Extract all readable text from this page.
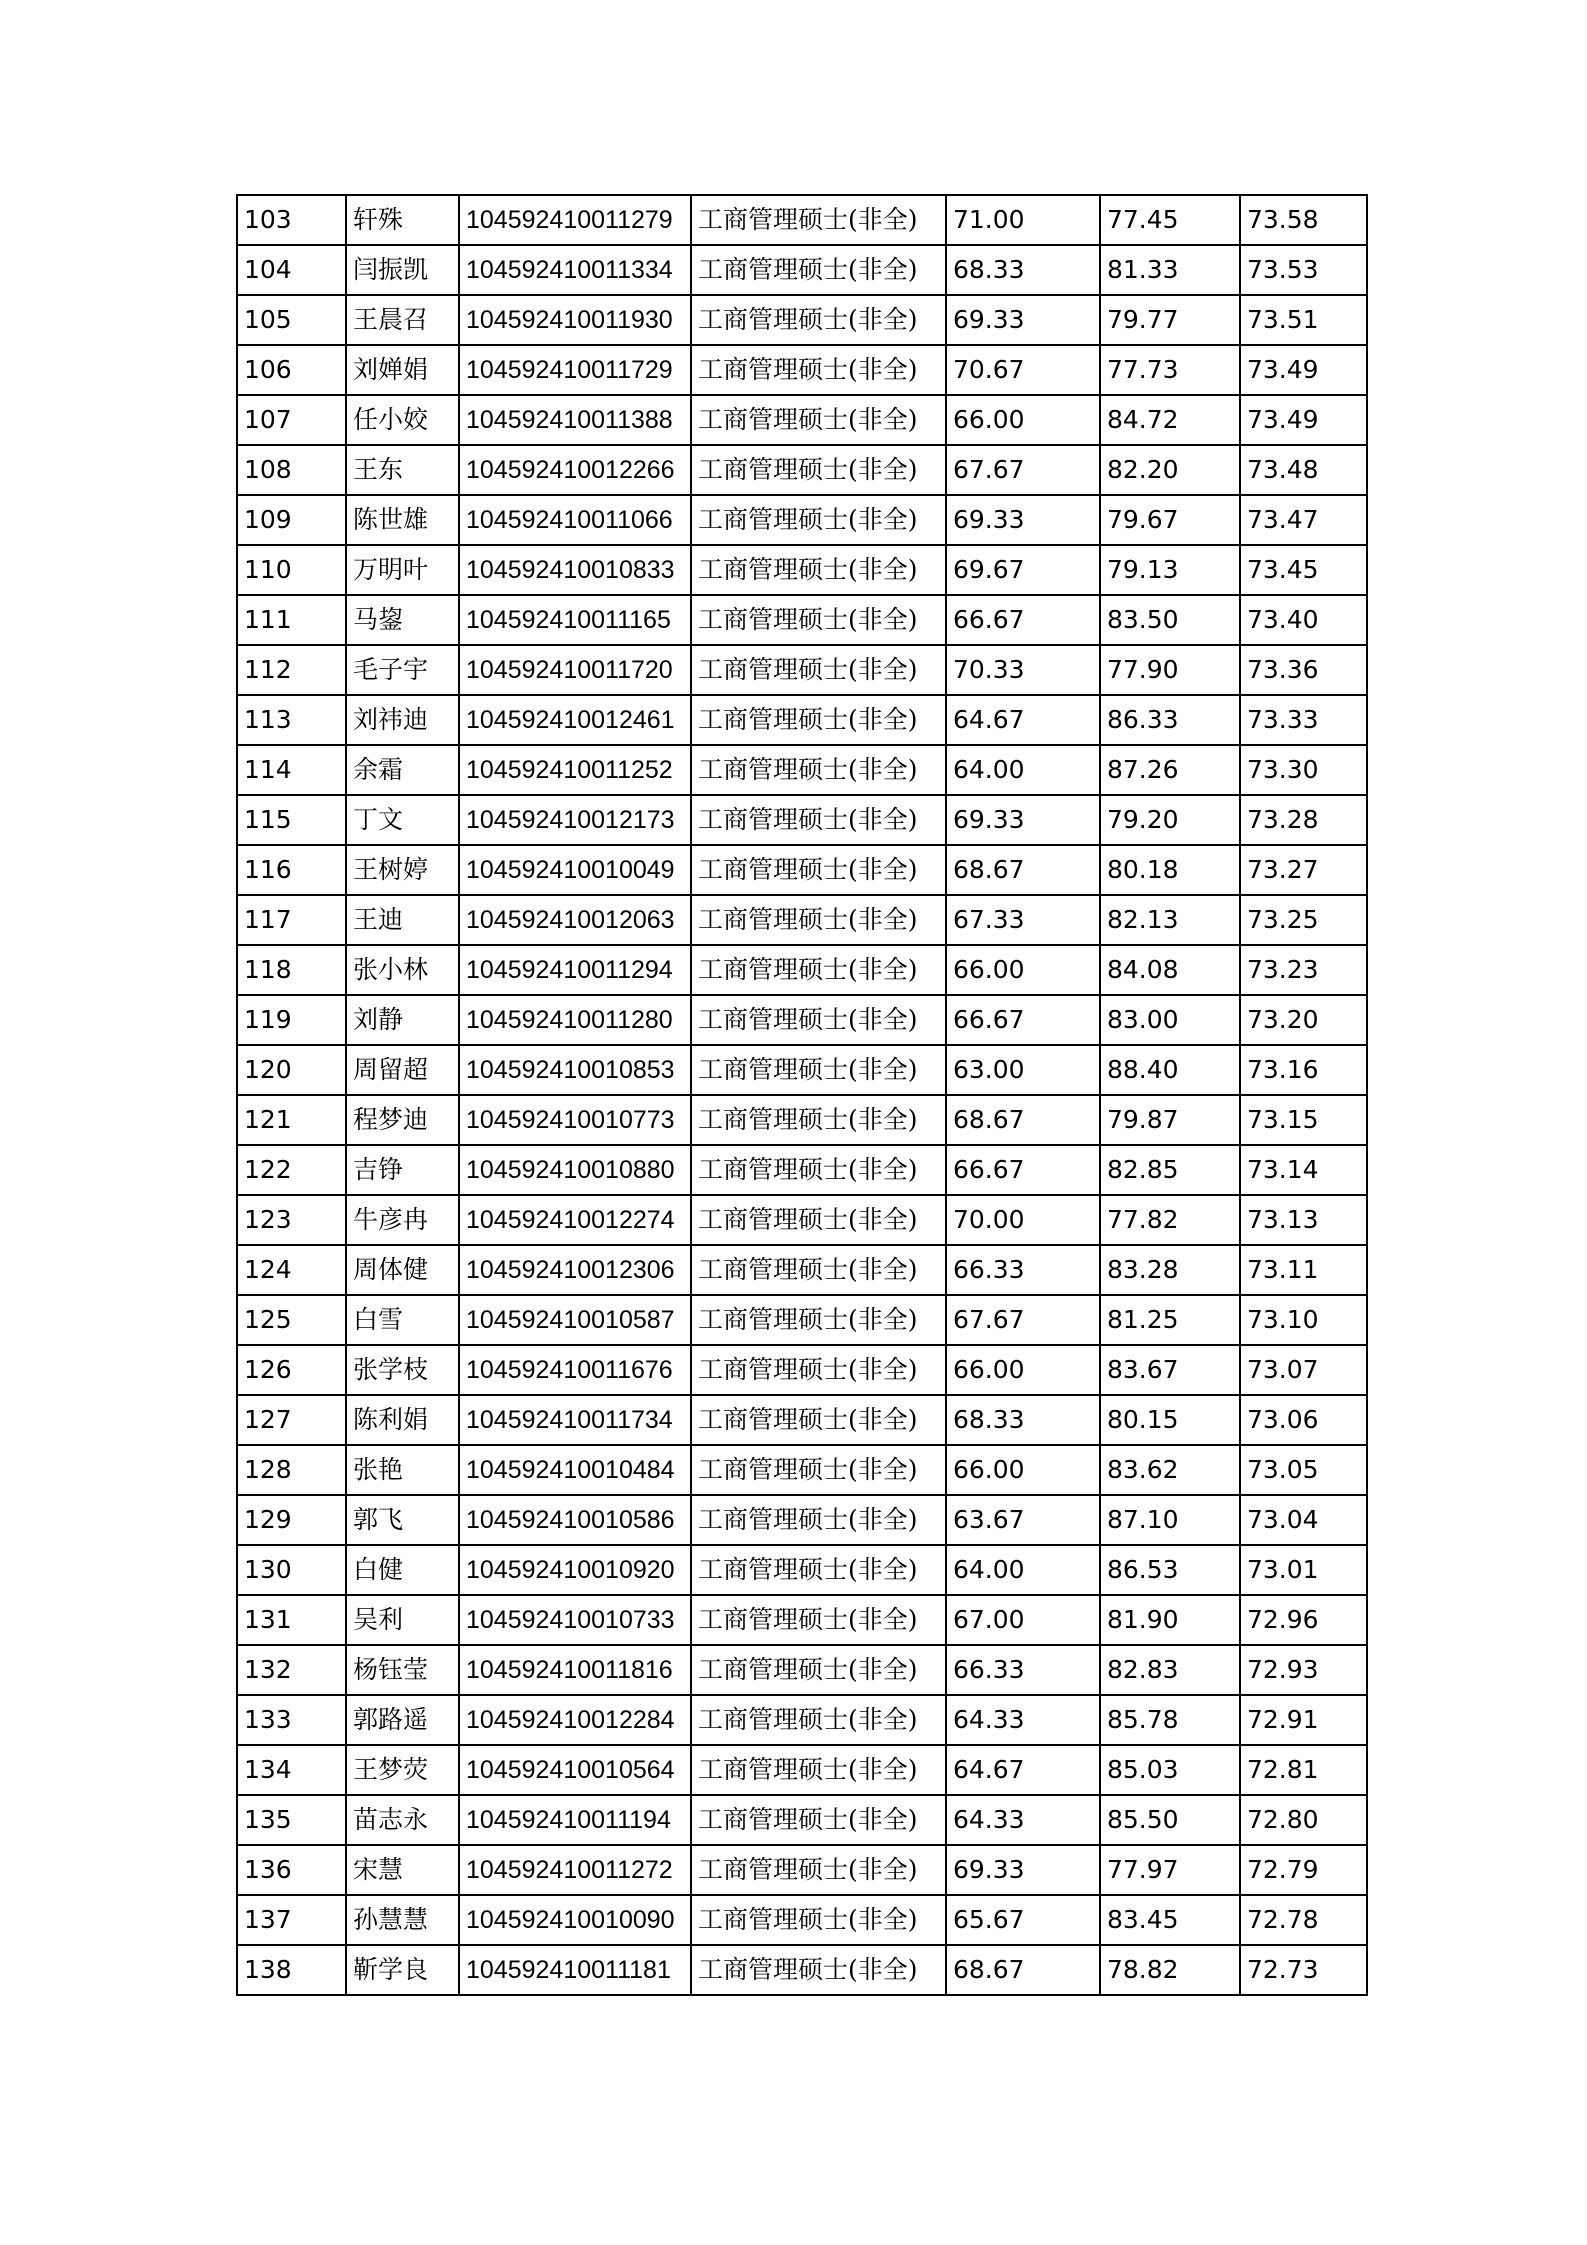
103	轩殊	104592410011279	工商管理硕士(非全)	71.00	77.45	73.58
104	闫振凯	104592410011334	工商管理硕士(非全)	68.33	81.33	73.53
105	王晨召	104592410011930	工商管理硕士(非全)	69.33	79.77	73.51
106	刘婵娟	104592410011729	工商管理硕士(非全)	70.67	77.73	73.49
107	任小姣	104592410011388	工商管理硕士(非全)	66.00	84.72	73.49
108	王东	104592410012266	工商管理硕士(非全)	67.67	82.20	73.48
109	陈世雄	104592410011066	工商管理硕士(非全)	69.33	79.67	73.47
110	万明叶	104592410010833	工商管理硕士(非全)	69.67	79.13	73.45
111	马鋆	104592410011165	工商管理硕士(非全)	66.67	83.50	73.40
112	毛子宇	104592410011720	工商管理硕士(非全)	70.33	77.90	73.36
113	刘祎迪	104592410012461	工商管理硕士(非全)	64.67	86.33	73.33
114	余霜	104592410011252	工商管理硕士(非全)	64.00	87.26	73.30
115	丁文	104592410012173	工商管理硕士(非全)	69.33	79.20	73.28
116	王树婷	104592410010049	工商管理硕士(非全)	68.67	80.18	73.27
117	王迪	104592410012063	工商管理硕士(非全)	67.33	82.13	73.25
118	张小林	104592410011294	工商管理硕士(非全)	66.00	84.08	73.23
119	刘静	104592410011280	工商管理硕士(非全)	66.67	83.00	73.20
120	周留超	104592410010853	工商管理硕士(非全)	63.00	88.40	73.16
121	程梦迪	104592410010773	工商管理硕士(非全)	68.67	79.87	73.15
122	吉铮	104592410010880	工商管理硕士(非全)	66.67	82.85	73.14
123	牛彦冉	104592410012274	工商管理硕士(非全)	70.00	77.82	73.13
124	周体健	104592410012306	工商管理硕士(非全)	66.33	83.28	73.11
125	白雪	104592410010587	工商管理硕士(非全)	67.67	81.25	73.10
126	张学枝	104592410011676	工商管理硕士(非全)	66.00	83.67	73.07
127	陈利娟	104592410011734	工商管理硕士(非全)	68.33	80.15	73.06
128	张艳	104592410010484	工商管理硕士(非全)	66.00	83.62	73.05
129	郭飞	104592410010586	工商管理硕士(非全)	63.67	87.10	73.04
130	白健	104592410010920	工商管理硕士(非全)	64.00	86.53	73.01
131	吴利	104592410010733	工商管理硕士(非全)	67.00	81.90	72.96
132	杨钰莹	104592410011816	工商管理硕士(非全)	66.33	82.83	72.93
133	郭路遥	104592410012284	工商管理硕士(非全)	64.33	85.78	72.91
134	王梦荧	104592410010564	工商管理硕士(非全)	64.67	85.03	72.81
135	苗志永	104592410011194	工商管理硕士(非全)	64.33	85.50	72.80
136	宋慧	104592410011272	工商管理硕士(非全)	69.33	77.97	72.79
137	孙慧慧	104592410010090	工商管理硕士(非全)	65.67	83.45	72.78
138	靳学良	104592410011181	工商管理硕士(非全)	68.67	78.82	72.73
